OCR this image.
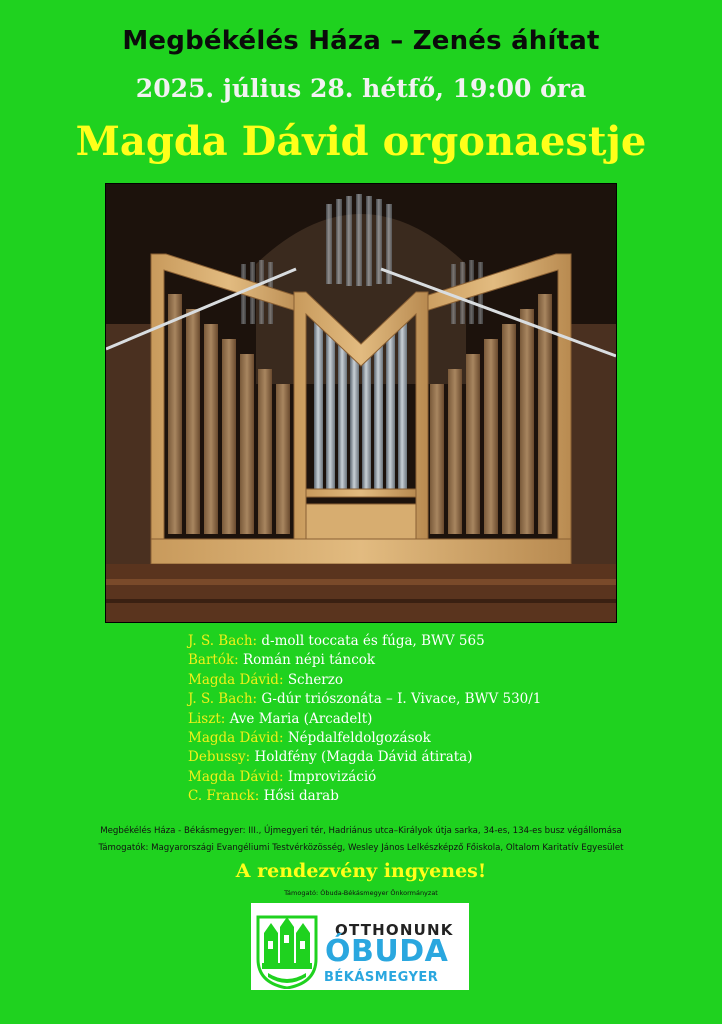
Megbékélés Háza – Zenés áhítat
2025. július 28. hétfő, 19:00 óra
Magda Dávid orgonaestje
J. S. Bach: d-moll toccata és fúga, BWV 565
Bartók: Román népi táncok
Magda Dávid: Scherzo
J. S. Bach: G-dúr triószonáta – I. Vivace, BWV 530/1
Liszt: Ave Maria (Arcadelt)
Magda Dávid: Népdalfeldolgozások
Debussy: Holdfény (Magda Dávid átirata)
Magda Dávid: Improvizáció
C. Franck: Hősi darab
Megbékélés Háza - Békásmegyer: III., Újmegyeri tér, Hadriánus utca–Királyok útja sarka, 34-es, 134-es busz végállomása
Támogatók: Magyarországi Evangéliumi Testvérközösség, Wesley János Lelkészképző Főiskola, Oltalom Karitatív Egyesület
A rendezvény ingyenes!
Támogató: Óbuda-Békásmegyer Önkormányzat
OTTHONUNK
ÓBUDA
BÉKÁSMEGYER
